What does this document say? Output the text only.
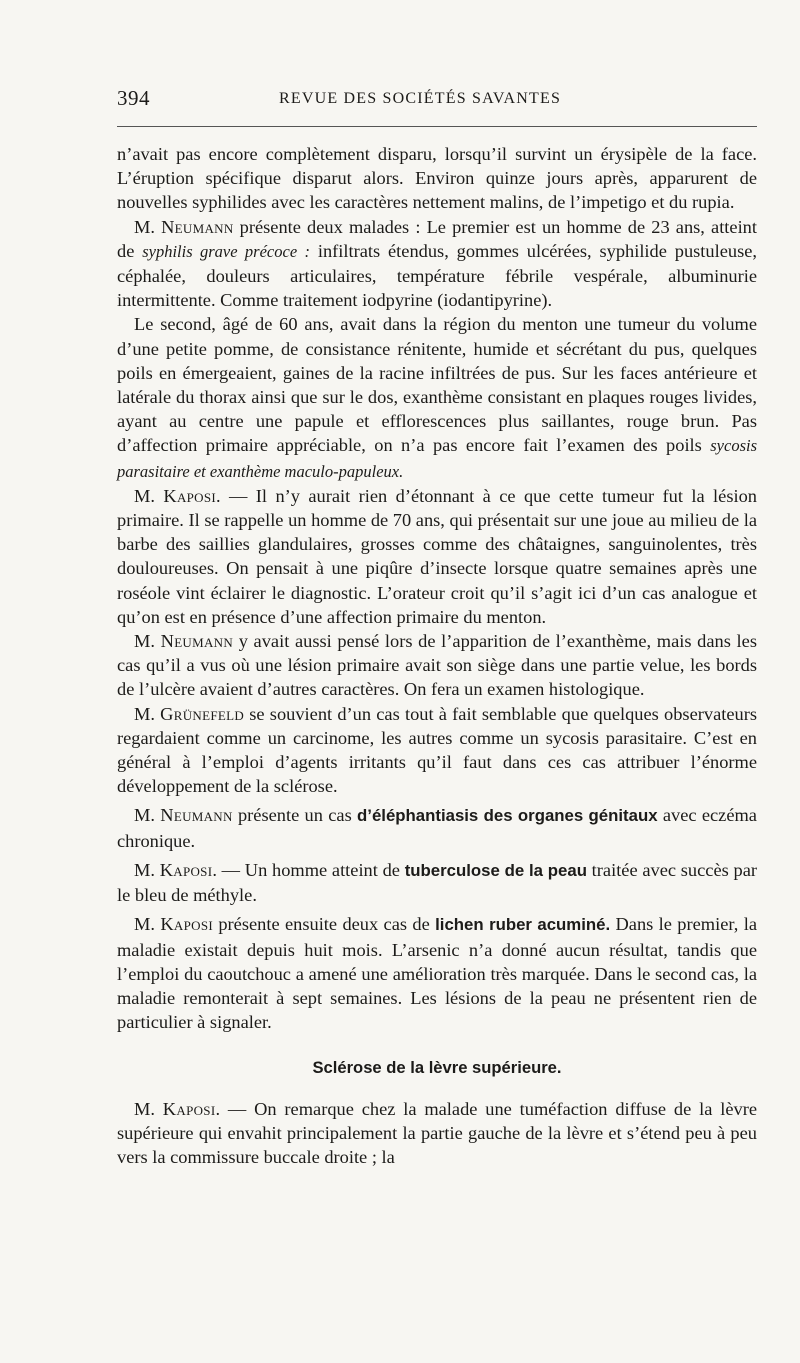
394	REVUE DES SOCIÉTÉS SAVANTES

n’avait pas encore complètement disparu, lorsqu’il survint un érysipèle de la face. L’éruption spécifique disparut alors. Environ quinze jours après, apparurent de nouvelles syphilides avec les caractères nettement malins, de l’impetigo et du rupia.

M. Neumann présente deux malades : Le premier est un homme de 23 ans, atteint de syphilis grave précoce : infiltrats étendus, gommes ulcérées, syphilide pustuleuse, céphalée, douleurs articulaires, température fébrile vespérale, albuminurie intermittente. Comme traitement iodpyrine (iodantipyrine).

Le second, âgé de 60 ans, avait dans la région du menton une tumeur du volume d’une petite pomme, de consistance rénitente, humide et sécrétant du pus, quelques poils en émergeaient, gaines de la racine infiltrées de pus. Sur les faces antérieure et latérale du thorax ainsi que sur le dos, exanthème consistant en plaques rouges livides, ayant au centre une papule et efflorescences plus saillantes, rouge brun. Pas d’affection primaire appréciable, on n’a pas encore fait l’examen des poils sycosis parasitaire et exanthème maculo-papuleux.

M. Kaposi. — Il n’y aurait rien d’étonnant à ce que cette tumeur fut la lésion primaire. Il se rappelle un homme de 70 ans, qui présentait sur une joue au milieu de la barbe des saillies glandulaires, grosses comme des châtaignes, sanguinolentes, très douloureuses. On pensait à une piqûre d’insecte lorsque quatre semaines après une roséole vint éclairer le diagnostic. L’orateur croit qu’il s’agit ici d’un cas analogue et qu’on est en présence d’une affection primaire du menton.

M. Neumann y avait aussi pensé lors de l’apparition de l’exanthème, mais dans les cas qu’il a vus où une lésion primaire avait son siège dans une partie velue, les bords de l’ulcère avaient d’autres caractères. On fera un examen histologique.

M. Grünefeld se souvient d’un cas tout à fait semblable que quelques observateurs regardaient comme un carcinome, les autres comme un sycosis parasitaire. C’est en général à l’emploi d’agents irritants qu’il faut dans ces cas attribuer l’énorme développement de la sclérose.

M. Neumann présente un cas d’éléphantiasis des organes génitaux avec eczéma chronique.

M. Kaposi. — Un homme atteint de tuberculose de la peau traitée avec succès par le bleu de méthyle.

M. Kaposi présente ensuite deux cas de lichen ruber acuminé. Dans le premier, la maladie existait depuis huit mois. L’arsenic n’a donné aucun résultat, tandis que l’emploi du caoutchouc a amené une amélioration très marquée. Dans le second cas, la maladie remonterait à sept semaines. Les lésions de la peau ne présentent rien de particulier à signaler.

Sclérose de la lèvre supérieure.

M. Kaposi. — On remarque chez la malade une tuméfaction diffuse de la lèvre supérieure qui envahit principalement la partie gauche de la lèvre et s’étend peu à peu vers la commissure buccale droite ; la
